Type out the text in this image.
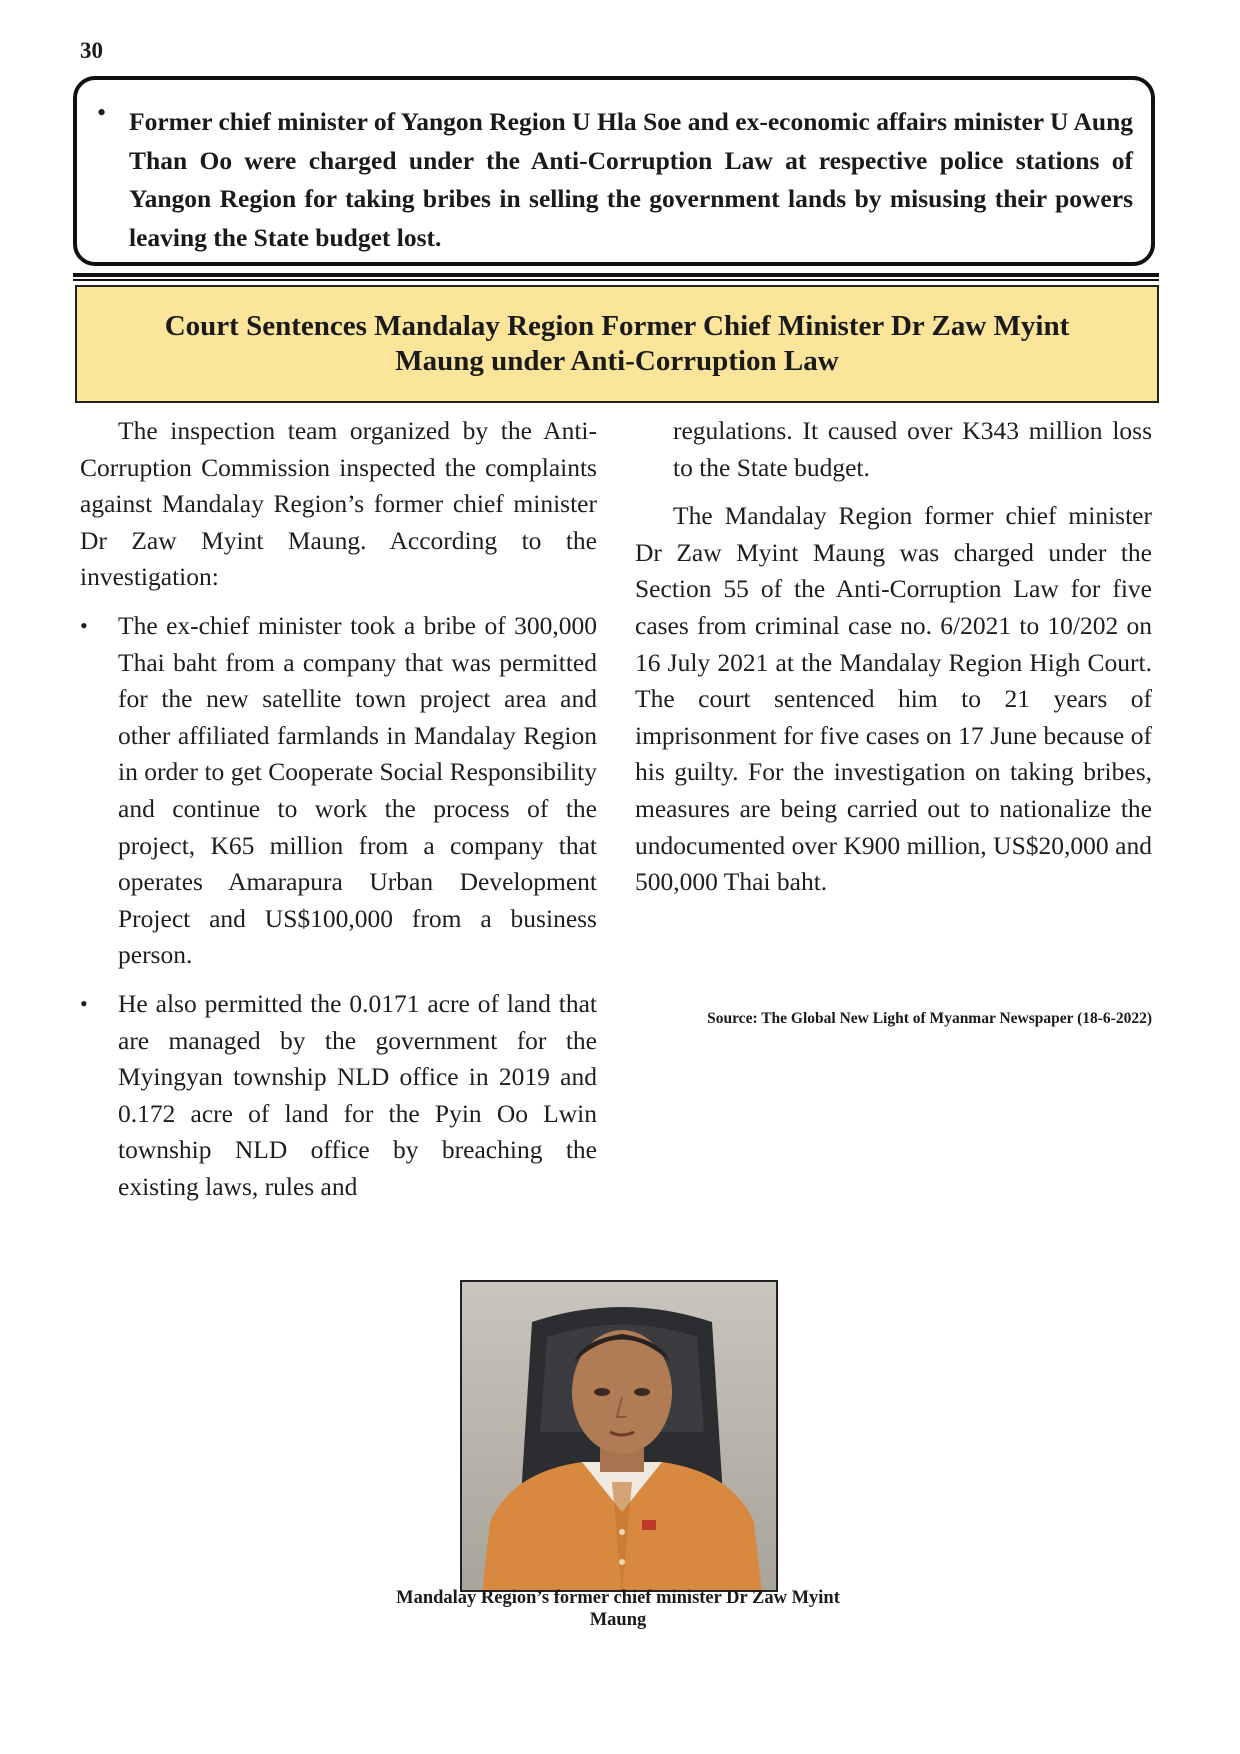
30
• Former chief minister of Yangon Region U Hla Soe and ex-economic affairs minister U Aung Than Oo were charged under the Anti-Corruption Law at respective police stations of Yangon Region for taking bribes in selling the government lands by misusing their powers leaving the State budget lost.

Court Sentences Mandalay Region Former Chief Minister Dr Zaw Myint Maung under Anti-Corruption Law

The inspection team organized by the Anti-Corruption Commission inspected the complaints against Mandalay Region’s former chief minister Dr Zaw Myint Maung. According to the investigation:

• The ex-chief minister took a bribe of 300,000 Thai baht from a company that was permitted for the new satellite town project area and other affiliated farmlands in Mandalay Region in order to get Cooperate Social Responsibility and continue to work the process of the project, K65 million from a company that operates Amarapura Urban Development Project and US$100,000 from a business person.

• He also permitted the 0.0171 acre of land that are managed by the government for the Myingyan township NLD office in 2019 and 0.172 acre of land for the Pyin Oo Lwin township NLD office by breaching the existing laws, rules and

regulations. It caused over K343 million loss to the State budget.

The Mandalay Region former chief minister Dr Zaw Myint Maung was charged under the Section 55 of the Anti-Corruption Law for five cases from criminal case no. 6/2021 to 10/202 on 16 July 2021 at the Mandalay Region High Court. The court sentenced him to 21 years of imprisonment for five cases on 17 June because of his guilty. For the investigation on taking bribes, measures are being carried out to nationalize the undocumented over K900 million, US$20,000 and 500,000 Thai baht.

Source: The Global New Light of Myanmar Newspaper (18-6-2022)
Mandalay Region’s former chief minister Dr Zaw Myint Maung
